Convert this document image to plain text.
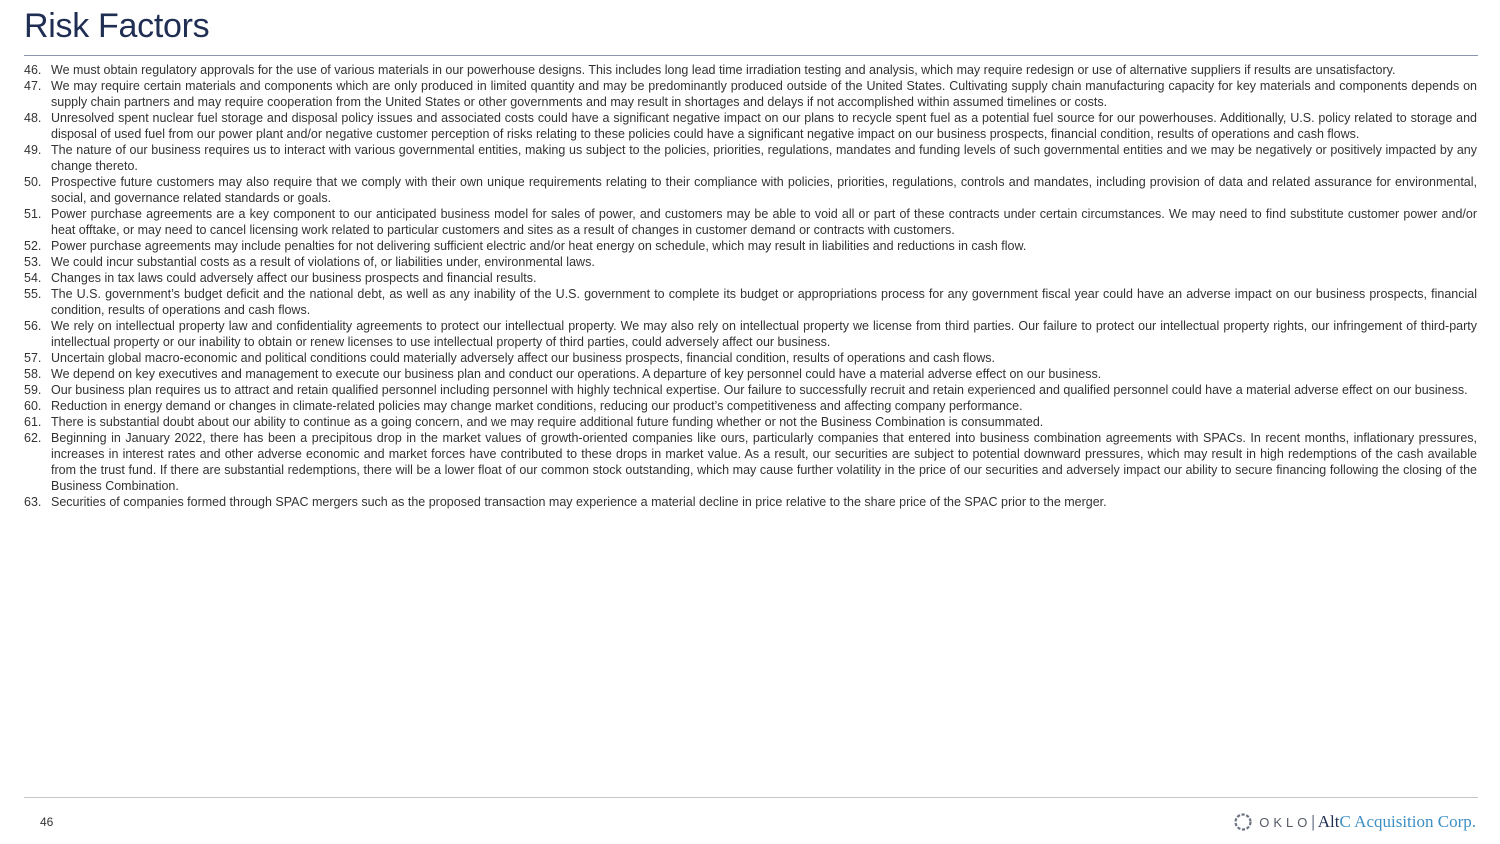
Risk Factors
46. We must obtain regulatory approvals for the use of various materials in our powerhouse designs. This includes long lead time irradiation testing and analysis, which may require redesign or use of alternative suppliers if results are unsatisfactory.
47. We may require certain materials and components which are only produced in limited quantity and may be predominantly produced outside of the United States. Cultivating supply chain manufacturing capacity for key materials and components depends on supply chain partners and may require cooperation from the United States or other governments and may result in shortages and delays if not accomplished within assumed timelines or costs.
48. Unresolved spent nuclear fuel storage and disposal policy issues and associated costs could have a significant negative impact on our plans to recycle spent fuel as a potential fuel source for our powerhouses. Additionally, U.S. policy related to storage and disposal of used fuel from our power plant and/or negative customer perception of risks relating to these policies could have a significant negative impact on our business prospects, financial condition, results of operations and cash flows.
49. The nature of our business requires us to interact with various governmental entities, making us subject to the policies, priorities, regulations, mandates and funding levels of such governmental entities and we may be negatively or positively impacted by any change thereto.
50. Prospective future customers may also require that we comply with their own unique requirements relating to their compliance with policies, priorities, regulations, controls and mandates, including provision of data and related assurance for environmental, social, and governance related standards or goals.
51. Power purchase agreements are a key component to our anticipated business model for sales of power, and customers may be able to void all or part of these contracts under certain circumstances. We may need to find substitute customer power and/or heat offtake, or may need to cancel licensing work related to particular customers and sites as a result of changes in customer demand or contracts with customers.
52. Power purchase agreements may include penalties for not delivering sufficient electric and/or heat energy on schedule, which may result in liabilities and reductions in cash flow.
53. We could incur substantial costs as a result of violations of, or liabilities under, environmental laws.
54. Changes in tax laws could adversely affect our business prospects and financial results.
55. The U.S. government’s budget deficit and the national debt, as well as any inability of the U.S. government to complete its budget or appropriations process for any government fiscal year could have an adverse impact on our business prospects, financial condition, results of operations and cash flows.
56. We rely on intellectual property law and confidentiality agreements to protect our intellectual property. We may also rely on intellectual property we license from third parties. Our failure to protect our intellectual property rights, our infringement of third-party intellectual property or our inability to obtain or renew licenses to use intellectual property of third parties, could adversely affect our business.
57. Uncertain global macro-economic and political conditions could materially adversely affect our business prospects, financial condition, results of operations and cash flows.
58. We depend on key executives and management to execute our business plan and conduct our operations. A departure of key personnel could have a material adverse effect on our business.
59. Our business plan requires us to attract and retain qualified personnel including personnel with highly technical expertise. Our failure to successfully recruit and retain experienced and qualified personnel could have a material adverse effect on our business.
60. Reduction in energy demand or changes in climate-related policies may change market conditions, reducing our product’s competitiveness and affecting company performance.
61. There is substantial doubt about our ability to continue as a going concern, and we may require additional future funding whether or not the Business Combination is consummated.
62. Beginning in January 2022, there has been a precipitous drop in the market values of growth-oriented companies like ours, particularly companies that entered into business combination agreements with SPACs. In recent months, inflationary pressures, increases in interest rates and other adverse economic and market forces have contributed to these drops in market value. As a result, our securities are subject to potential downward pressures, which may result in high redemptions of the cash available from the trust fund. If there are substantial redemptions, there will be a lower float of our common stock outstanding, which may cause further volatility in the price of our securities and adversely impact our ability to secure financing following the closing of the Business Combination.
63. Securities of companies formed through SPAC mergers such as the proposed transaction may experience a material decline in price relative to the share price of the SPAC prior to the merger.
46	OKLO | Alt C Acquisition Corp.
